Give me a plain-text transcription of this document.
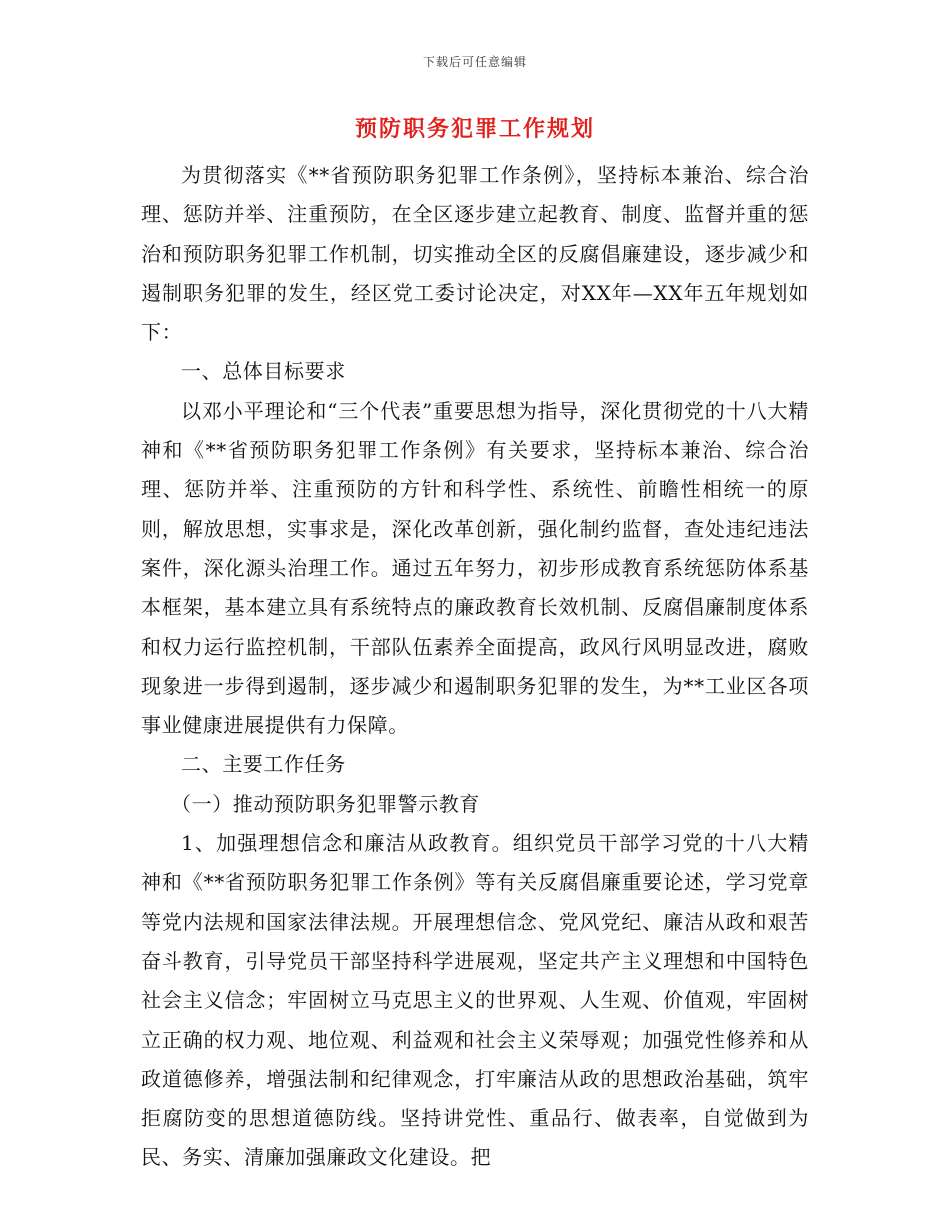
下载后可任意编辑
预防职务犯罪工作规划

为贯彻落实《**省预防职务犯罪工作条例》，坚持标本兼治、综合治理、惩防并举、注重预防，在全区逐步建立起教育、制度、监督并重的惩治和预防职务犯罪工作机制，切实推动全区的反腐倡廉建设，逐步减少和遏制职务犯罪的发生，经区党工委讨论决定，对XX年—XX年五年规划如下：

一、总体目标要求

以邓小平理论和“三个代表”重要思想为指导，深化贯彻党的十八大精神和《**省预防职务犯罪工作条例》有关要求，坚持标本兼治、综合治理、惩防并举、注重预防的方针和科学性、系统性、前瞻性相统一的原则，解放思想，实事求是，深化改革创新，强化制约监督，查处违纪违法案件，深化源头治理工作。通过五年努力，初步形成教育系统惩防体系基本框架，基本建立具有系统特点的廉政教育长效机制、反腐倡廉制度体系和权力运行监控机制，干部队伍素养全面提高，政风行风明显改进，腐败现象进一步得到遏制，逐步减少和遏制职务犯罪的发生，为**工业区各项事业健康进展提供有力保障。

二、主要工作任务

（一）推动预防职务犯罪警示教育

1、加强理想信念和廉洁从政教育。组织党员干部学习党的十八大精神和《**省预防职务犯罪工作条例》等有关反腐倡廉重要论述，学习党章等党内法规和国家法律法规。开展理想信念、党风党纪、廉洁从政和艰苦奋斗教育，引导党员干部坚持科学进展观，坚定共产主义理想和中国特色社会主义信念；牢固树立马克思主义的世界观、人生观、价值观，牢固树立正确的权力观、地位观、利益观和社会主义荣辱观；加强党性修养和从政道德修养，增强法制和纪律观念，打牢廉洁从政的思想政治基础，筑牢拒腐防变的思想道德防线。坚持讲党性、重品行、做表率，自觉做到为民、务实、清廉加强廉政文化建设。把
